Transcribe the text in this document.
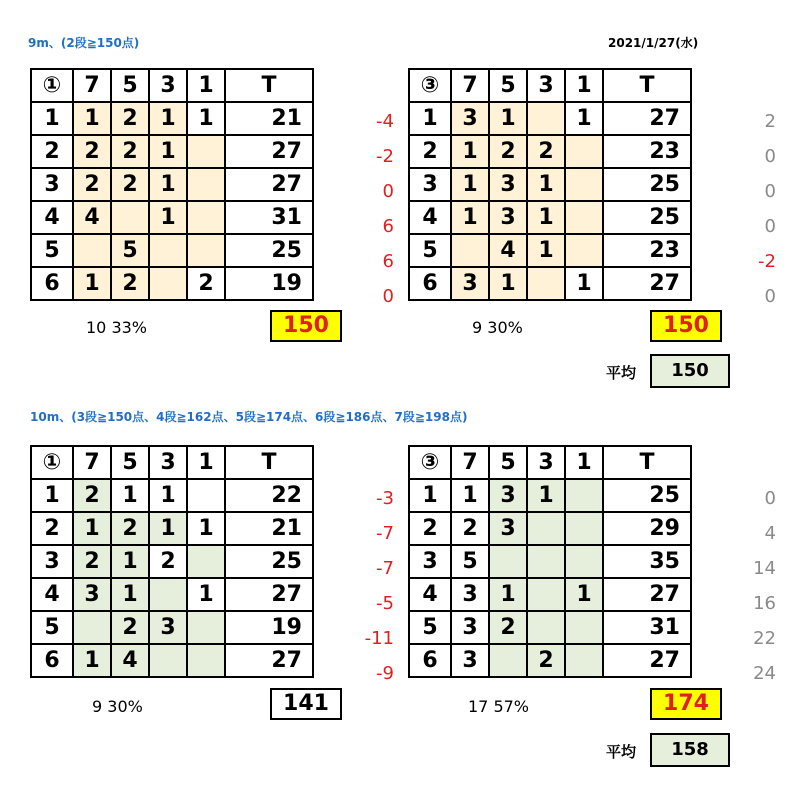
9m、(2段≧150点)	2021/1/27(水)
①	7	5	3	1	T
1	1	2	1	1	21
2	2	2	1		27
3	2	2	1		27
4	4		1		31
5		5			25
6	1	2		2	19
-4
-2
0
6
6
0
10 33%	150
③	7	5	3	1	T
1	3	1		1	27
2	1	2	2		23
3	1	3	1		25
4	1	3	1		25
5		4	1		23
6	3	1		1	27
2
0
0
0
-2
0
9 30%	150
平均	150
10m、(3段≧150点、4段≧162点、5段≧174点、6段≧186点、7段≧198点)
①	7	5	3	1	T
1	2	1	1		22
2	1	2	1	1	21
3	2	1	2		25
4	3	1		1	27
5		2	3		19
6	1	4			27
-3
-7
-7
-5
-11
-9
9 30%	141
③	7	5	3	1	T
1	1	3	1		25
2	2	3			29
3	5				35
4	3	1		1	27
5	3	2			31
6	3		2		27
0
4
14
16
22
24
17 57%	174
平均	158
